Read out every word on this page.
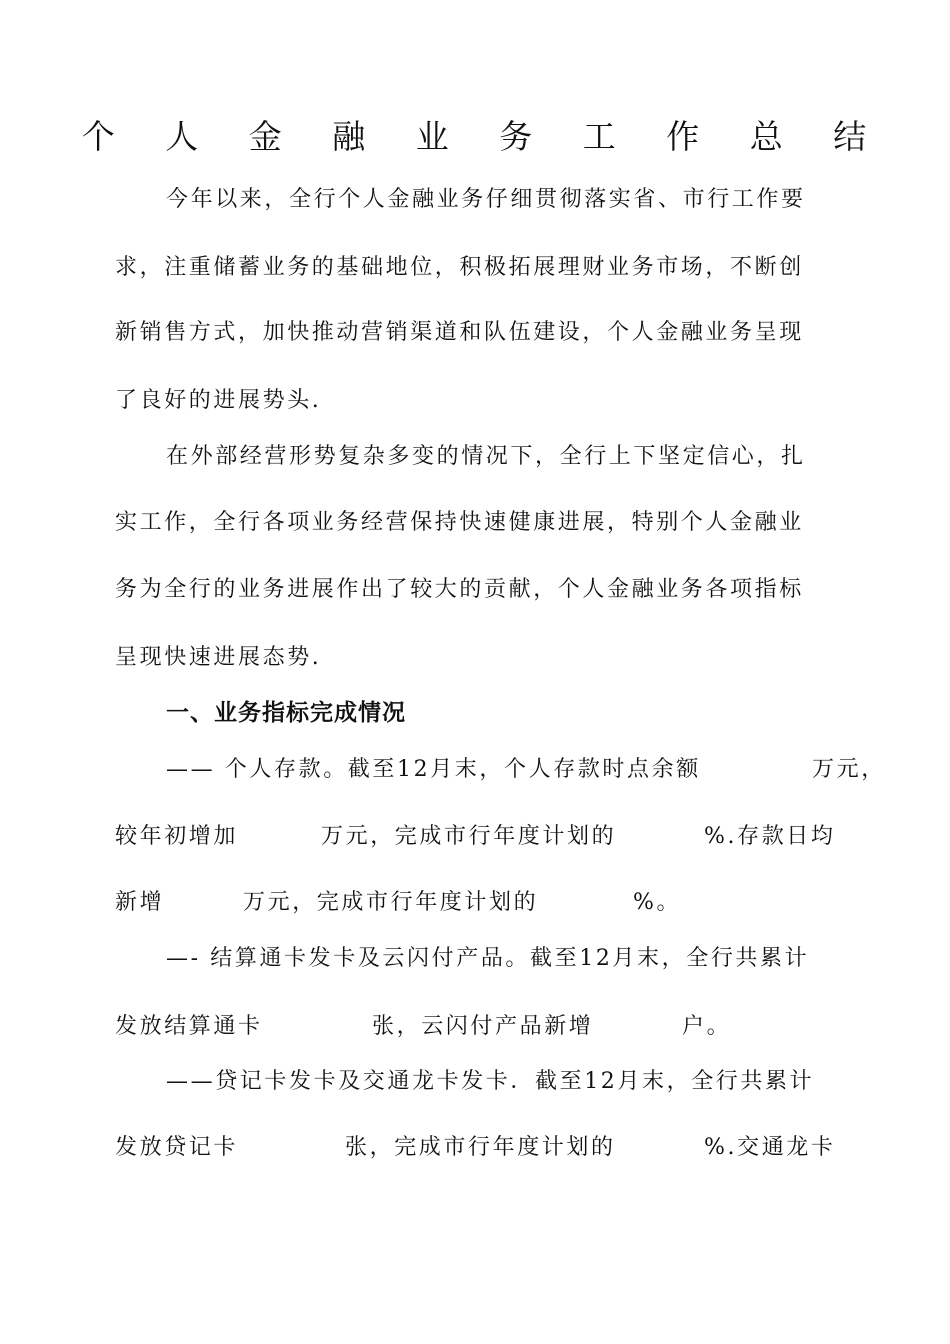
个 人 金 融 业 务 工 作 总 结
今年以来，全行个人金融业务仔细贯彻落实省、市行工作要
求，注重储蓄业务的基础地位，积极拓展理财业务市场，不断创
新销售方式，加快推动营销渠道和队伍建设，个人金融业务呈现
了良好的进展势头.
在外部经营形势复杂多变的情况下，全行上下坚定信心，扎
实工作，全行各项业务经营保持快速健康进展，特别个人金融业
务为全行的业务进展作出了较大的贡献，个人金融业务各项指标
呈现快速进展态势.
一、业务指标完成情况
—— 个人存款。截至12月末，个人存款时点余额	万元，
较年初增加	万元，完成市行年度计划的	%.存款日均
新增	万元，完成市行年度计划的	%。
—- 结算通卡发卡及云闪付产品。截至12月末，全行共累计
发放结算通卡	张，云闪付产品新增	户。
——贷记卡发卡及交通龙卡发卡．截至12月末，全行共累计
发放贷记卡	张，完成市行年度计划的	%.交通龙卡
